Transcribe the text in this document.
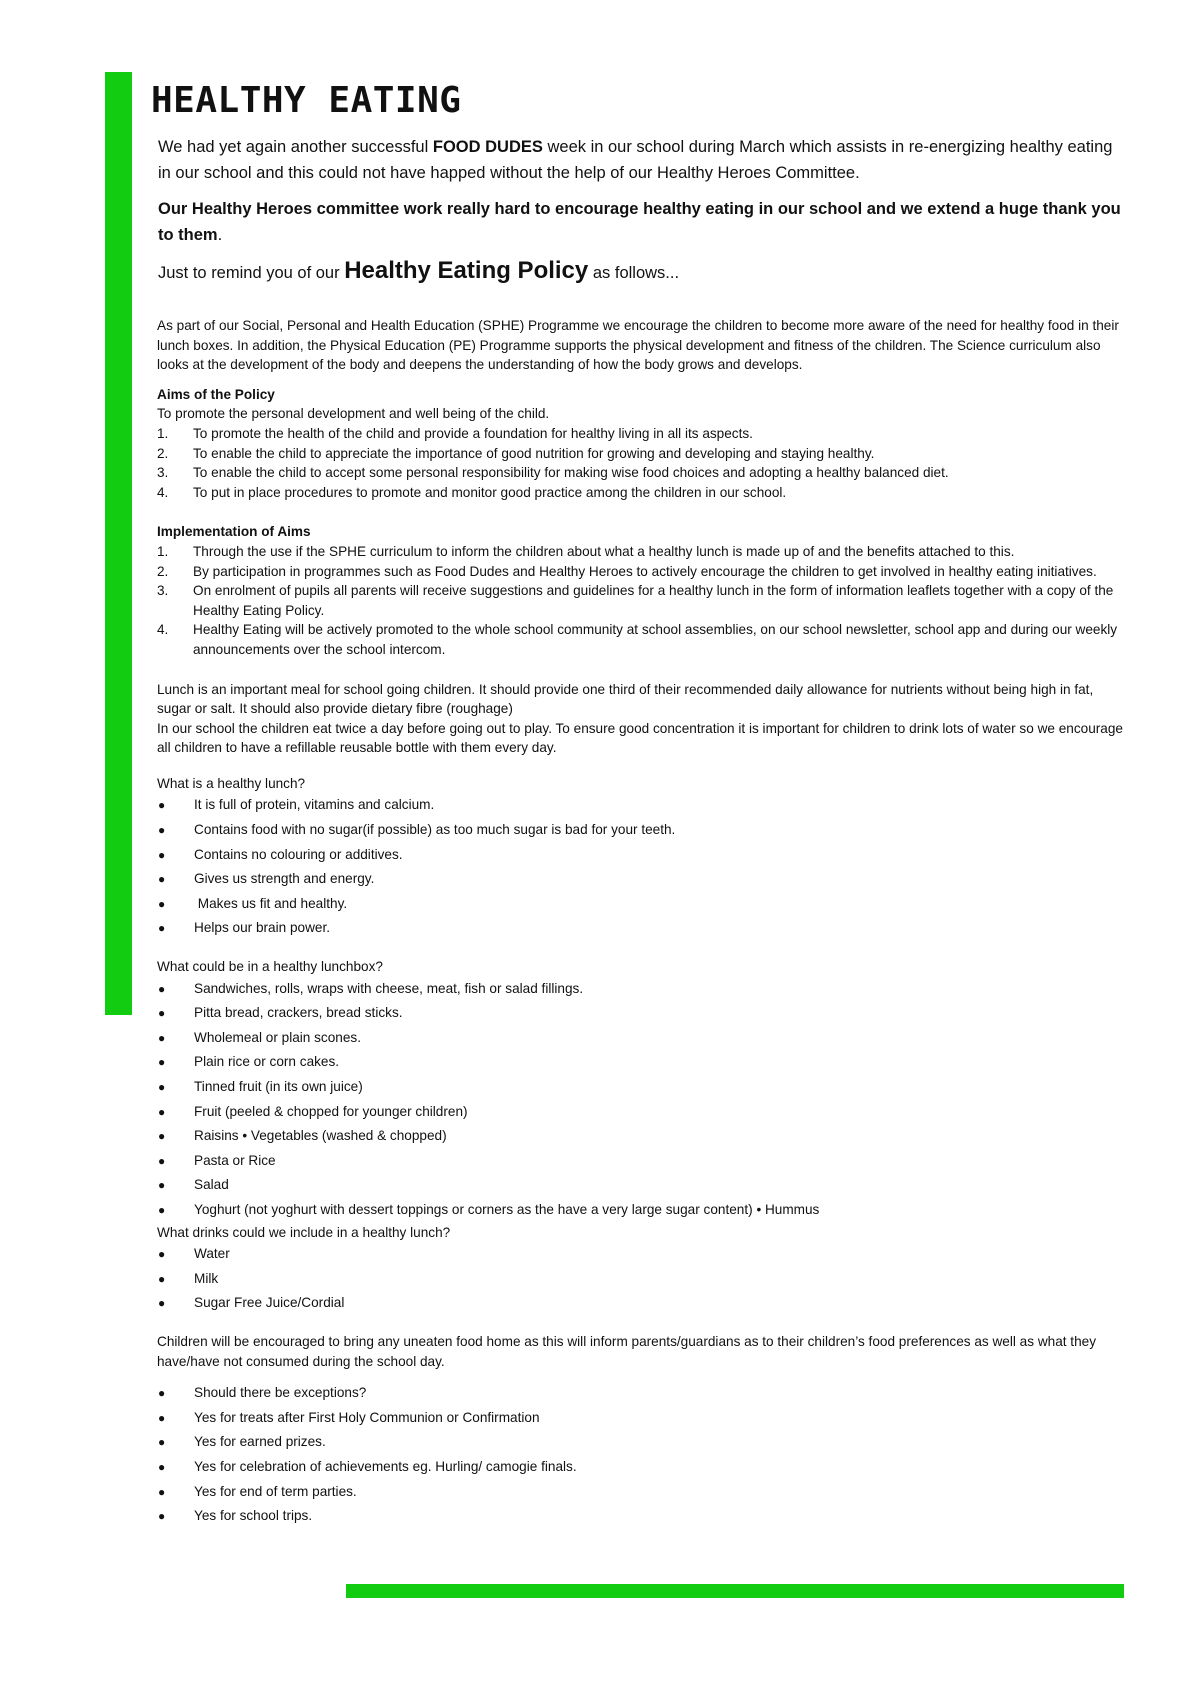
HEALTHY EATING

We had yet again another successful FOOD DUDES week in our school during March which assists in re-energizing healthy eating in our school and this could not have happed without the help of our Healthy Heroes Committee.

Our Healthy Heroes committee work really hard to encourage healthy eating in our school and we extend a huge thank you to them.

Just to remind you of our Healthy Eating Policy as follows...

As part of our Social, Personal and Health Education (SPHE) Programme we encourage the children to become more aware of the need for healthy food in their lunch boxes. In addition, the Physical Education (PE) Programme supports the physical development and fitness of the children. The Science curriculum also looks at the development of the body and deepens the understanding of how the body grows and develops.

Aims of the Policy

To promote the personal development and well being of the child.

1.	To promote the health of the child and provide a foundation for healthy living in all its aspects.
2.	To enable the child to appreciate the importance of good nutrition for growing and developing and staying healthy.
3.	To enable the child to accept some personal responsibility for making wise food choices and adopting a healthy balanced diet.
4.	To put in place procedures to promote and monitor good practice among the children in our school.

Implementation of Aims

1.	Through the use if the SPHE curriculum to inform the children about what a healthy lunch is made up of and the benefits attached to this.
2.	By participation in programmes such as Food Dudes and Healthy Heroes to actively encourage the children to get involved in healthy eating initiatives.
3.	On enrolment of pupils all parents will receive suggestions and guidelines for a healthy lunch in the form of information leaflets together with a copy of the Healthy Eating Policy.
4.	Healthy Eating will be actively promoted to the whole school community at school assemblies, on our school newsletter, school app and during our weekly announcements over the school intercom.

Lunch is an important meal for school going children. It should provide one third of their recommended daily allowance for nutrients without being high in fat, sugar or salt. It should also provide dietary fibre (roughage)

In our school the children eat twice a day before going out to play. To ensure good concentration it is important for children to drink lots of water so we encourage all children to have a refillable reusable bottle with them every day.

What is a healthy lunch?

●	It is full of protein, vitamins and calcium.
●	Contains food with no sugar(if possible) as too much sugar is bad for your teeth.
●	Contains no colouring or additives.
●	Gives us strength and energy.
●	Makes us fit and healthy.
●	Helps our brain power.

What could be in a healthy lunchbox?

●	Sandwiches, rolls, wraps with cheese, meat, fish or salad fillings.
●	Pitta bread, crackers, bread sticks.
●	Wholemeal or plain scones.
●	Plain rice or corn cakes.
●	Tinned fruit (in its own juice)
●	Fruit (peeled & chopped for younger children)
●	Raisins • Vegetables (washed & chopped)
●	Pasta or Rice
●	Salad
●	Yoghurt (not yoghurt with dessert toppings or corners as the have a very large sugar content) • Hummus

What drinks could we include in a healthy lunch?

●	Water
●	Milk
●	Sugar Free Juice/Cordial

Children will be encouraged to bring any uneaten food home as this will inform parents/guardians as to their children’s food preferences as well as what they have/have not consumed during the school day.

●	Should there be exceptions?
●	Yes for treats after First Holy Communion or Confirmation
●	Yes for earned prizes.
●	Yes for celebration of achievements eg. Hurling/ camogie finals.
●	Yes for end of term parties.
●	Yes for school trips.
